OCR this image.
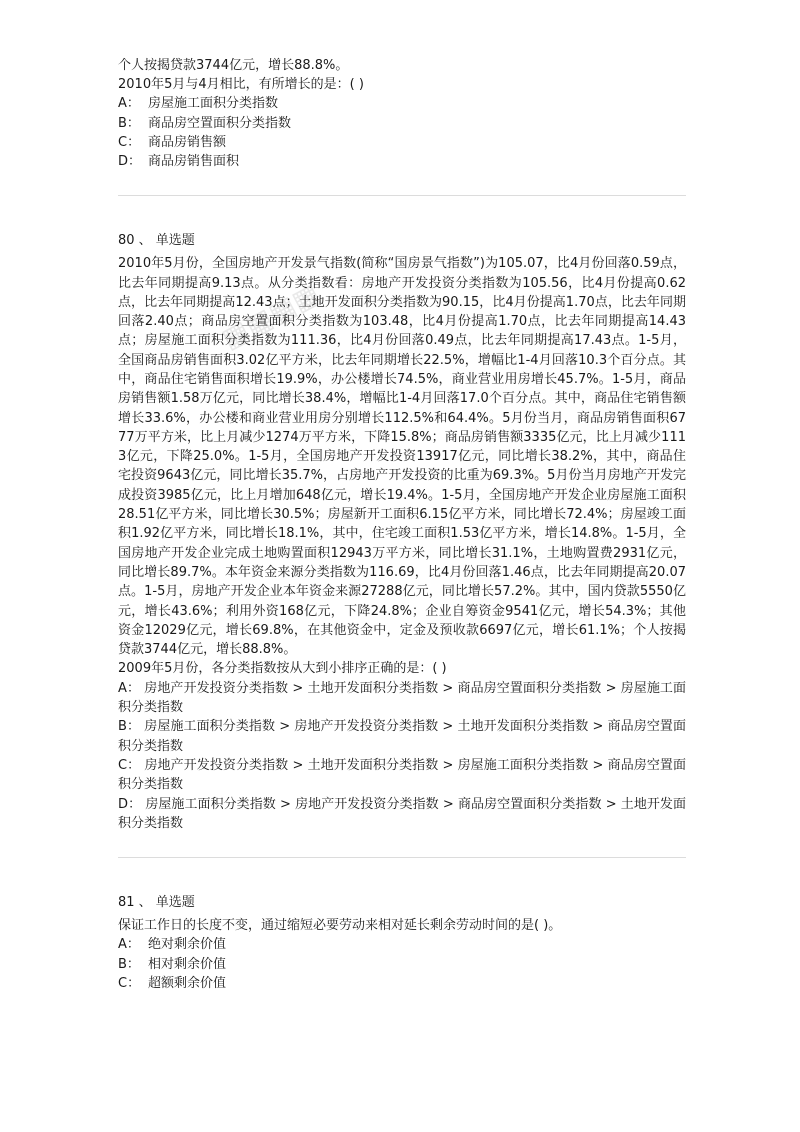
▦▦▦▦
个人按揭贷款3744亿元，增长88.8%。
2010年5月与4月相比，有所增长的是：( )
A： 房屋施工面积分类指数
B： 商品房空置面积分类指数
C： 商品房销售额
D： 商品房销售面积
80 、 单选题
2010年5月份，全国房地产开发景气指数(简称“国房景气指数”)为105.07，比4月份回落0.59点，比去年同期提高9.13点。从分类指数看：房地产开发投资分类指数为105.56，比4月份提高0.62点，比去年同期提高12.43点；土地开发面积分类指数为90.15，比4月份提高1.70点，比去年同期回落2.40点；商品房空置面积分类指数为103.48，比4月份提高1.70点，比去年同期提高14.43点；房屋施工面积分类指数为111.36，比4月份回落0.49点，比去年同期提高17.43点。1-5月，全国商品房销售面积3.02亿平方米，比去年同期增长22.5%，增幅比1-4月回落10.3个百分点。其中，商品住宅销售面积增长19.9%，办公楼增长74.5%，商业营业用房增长45.7%。1-5月，商品房销售额1.58万亿元，同比增长38.4%，增幅比1-4月回落17.0个百分点。其中，商品住宅销售额增长33.6%，办公楼和商业营业用房分别增长112.5%和64.4%。5月份当月，商品房销售面积6777万平方米，比上月减少1274万平方米，下降15.8%；商品房销售额3335亿元，比上月减少1113亿元，下降25.0%。1-5月，全国房地产开发投资13917亿元，同比增长38.2%，其中，商品住宅投资9643亿元，同比增长35.7%，占房地产开发投资的比重为69.3%。5月份当月房地产开发完成投资3985亿元，比上月增加648亿元，增长19.4%。1-5月，全国房地产开发企业房屋施工面积28.51亿平方米，同比增长30.5%；房屋新开工面积6.15亿平方米，同比增长72.4%；房屋竣工面积1.92亿平方米，同比增长18.1%，其中，住宅竣工面积1.53亿平方米，增长14.8%。1-5月，全国房地产开发企业完成土地购置面积12943万平方米，同比增长31.1%，土地购置费2931亿元，同比增长89.7%。本年资金来源分类指数为116.69，比4月份回落1.46点，比去年同期提高20.07点。1-5月，房地产开发企业本年资金来源27288亿元，同比增长57.2%。其中，国内贷款5550亿元，增长43.6%；利用外资168亿元，下降24.8%；企业自筹资金9541亿元，增长54.3%；其他资金12029亿元，增长69.8%，在其他资金中，定金及预收款6697亿元，增长61.1%；个人按揭贷款3744亿元，增长88.8%。
2009年5月份，各分类指数按从大到小排序正确的是：( )
A： 房地产开发投资分类指数 > 土地开发面积分类指数 > 商品房空置面积分类指数 > 房屋施工面积分类指数
B： 房屋施工面积分类指数 > 房地产开发投资分类指数 > 土地开发面积分类指数 > 商品房空置面积分类指数
C： 房地产开发投资分类指数 > 土地开发面积分类指数 > 房屋施工面积分类指数 > 商品房空置面积分类指数
D： 房屋施工面积分类指数 > 房地产开发投资分类指数 > 商品房空置面积分类指数 > 土地开发面积分类指数
81 、 单选题
保证工作日的长度不变，通过缩短必要劳动来相对延长剩余劳动时间的是( )。
A： 绝对剩余价值
B： 相对剩余价值
C： 超额剩余价值
